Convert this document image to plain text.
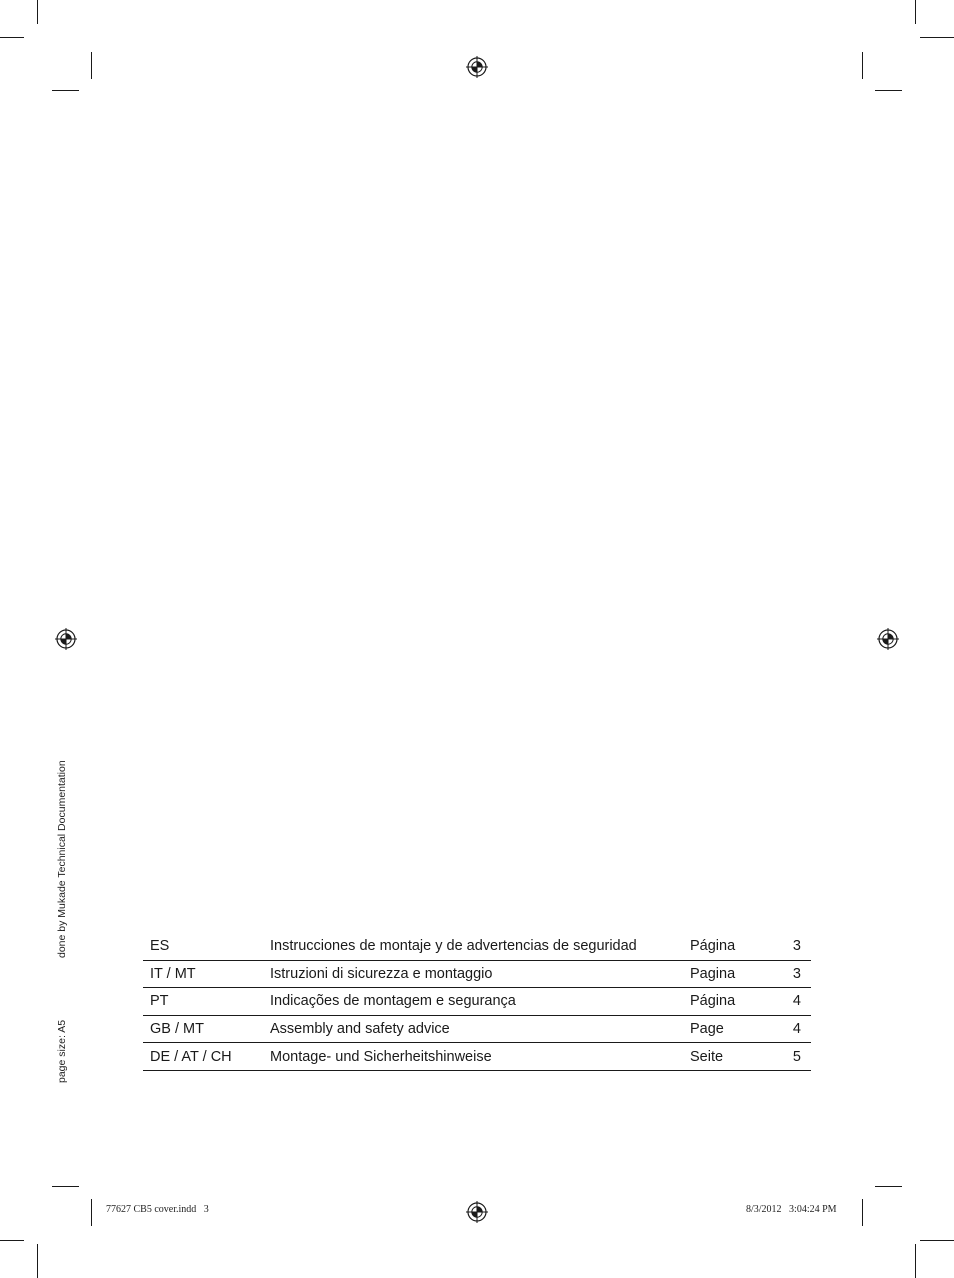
done by Mukade Technical Documentation
page size: A5
ES	Instrucciones de montaje y de advertencias de seguridad	Página	3
IT / MT	Istruzioni di sicurezza e montaggio	Pagina	3
PT	Indicações de montagem e segurança	Página	4
GB / MT	Assembly and safety advice	Page	4
DE / AT / CH	Montage- und Sicherheitshinweise	Seite	5
77627 CB5 cover.indd   3	8/3/2012   3:04:24 PM
